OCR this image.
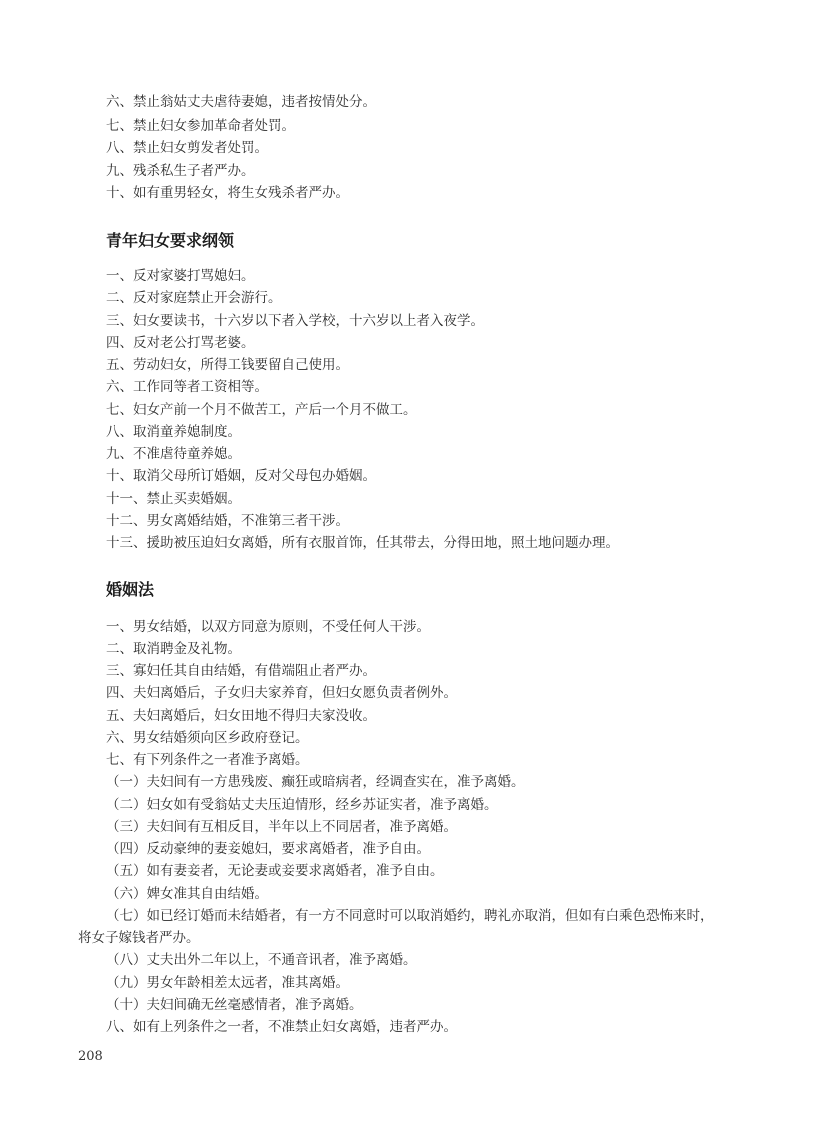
六、禁止翁姑丈夫虐待妻媳，违者按情处分。
七、禁止妇女参加革命者处罚。
八、禁止妇女剪发者处罚。
九、残杀私生子者严办。
十、如有重男轻女，将生女残杀者严办。
青年妇女要求纲领
一、反对家婆打骂媳妇。
二、反对家庭禁止开会游行。
三、妇女要读书，十六岁以下者入学校，十六岁以上者入夜学。
四、反对老公打骂老婆。
五、劳动妇女，所得工钱要留自己使用。
六、工作同等者工资相等。
七、妇女产前一个月不做苦工，产后一个月不做工。
八、取消童养媳制度。
九、不准虐待童养媳。
十、取消父母所订婚姻，反对父母包办婚姻。
十一、禁止买卖婚姻。
十二、男女离婚结婚，不准第三者干涉。
十三、援助被压迫妇女离婚，所有衣服首饰，任其带去，分得田地，照土地问题办理。
婚姻法
一、男女结婚，以双方同意为原则，不受任何人干涉。
二、取消聘金及礼物。
三、寡妇任其自由结婚，有借端阻止者严办。
四、夫妇离婚后，子女归夫家养育，但妇女愿负责者例外。
五、夫妇离婚后，妇女田地不得归夫家没收。
六、男女结婚须向区乡政府登记。
七、有下列条件之一者准予离婚。
（一）夫妇间有一方患残废、癫狂或暗病者，经调查实在，准予离婚。
（二）妇女如有受翁姑丈夫压迫情形，经乡苏证实者，准予离婚。
（三）夫妇间有互相反目，半年以上不同居者，准予离婚。
（四）反动豪绅的妻妾媳妇，要求离婚者，准予自由。
（五）如有妻妾者，无论妻或妾要求离婚者，准予自由。
（六）婢女准其自由结婚。
（七）如已经订婚而未结婚者，有一方不同意时可以取消婚约，聘礼亦取消，但如有白乘色恐怖来时，
将女子嫁钱者严办。
（八）丈夫出外二年以上，不通音讯者，准予离婚。
（九）男女年龄相差太远者，准其离婚。
（十）夫妇间确无丝毫感情者，准予离婚。
八、如有上列条件之一者，不准禁止妇女离婚，违者严办。
208
